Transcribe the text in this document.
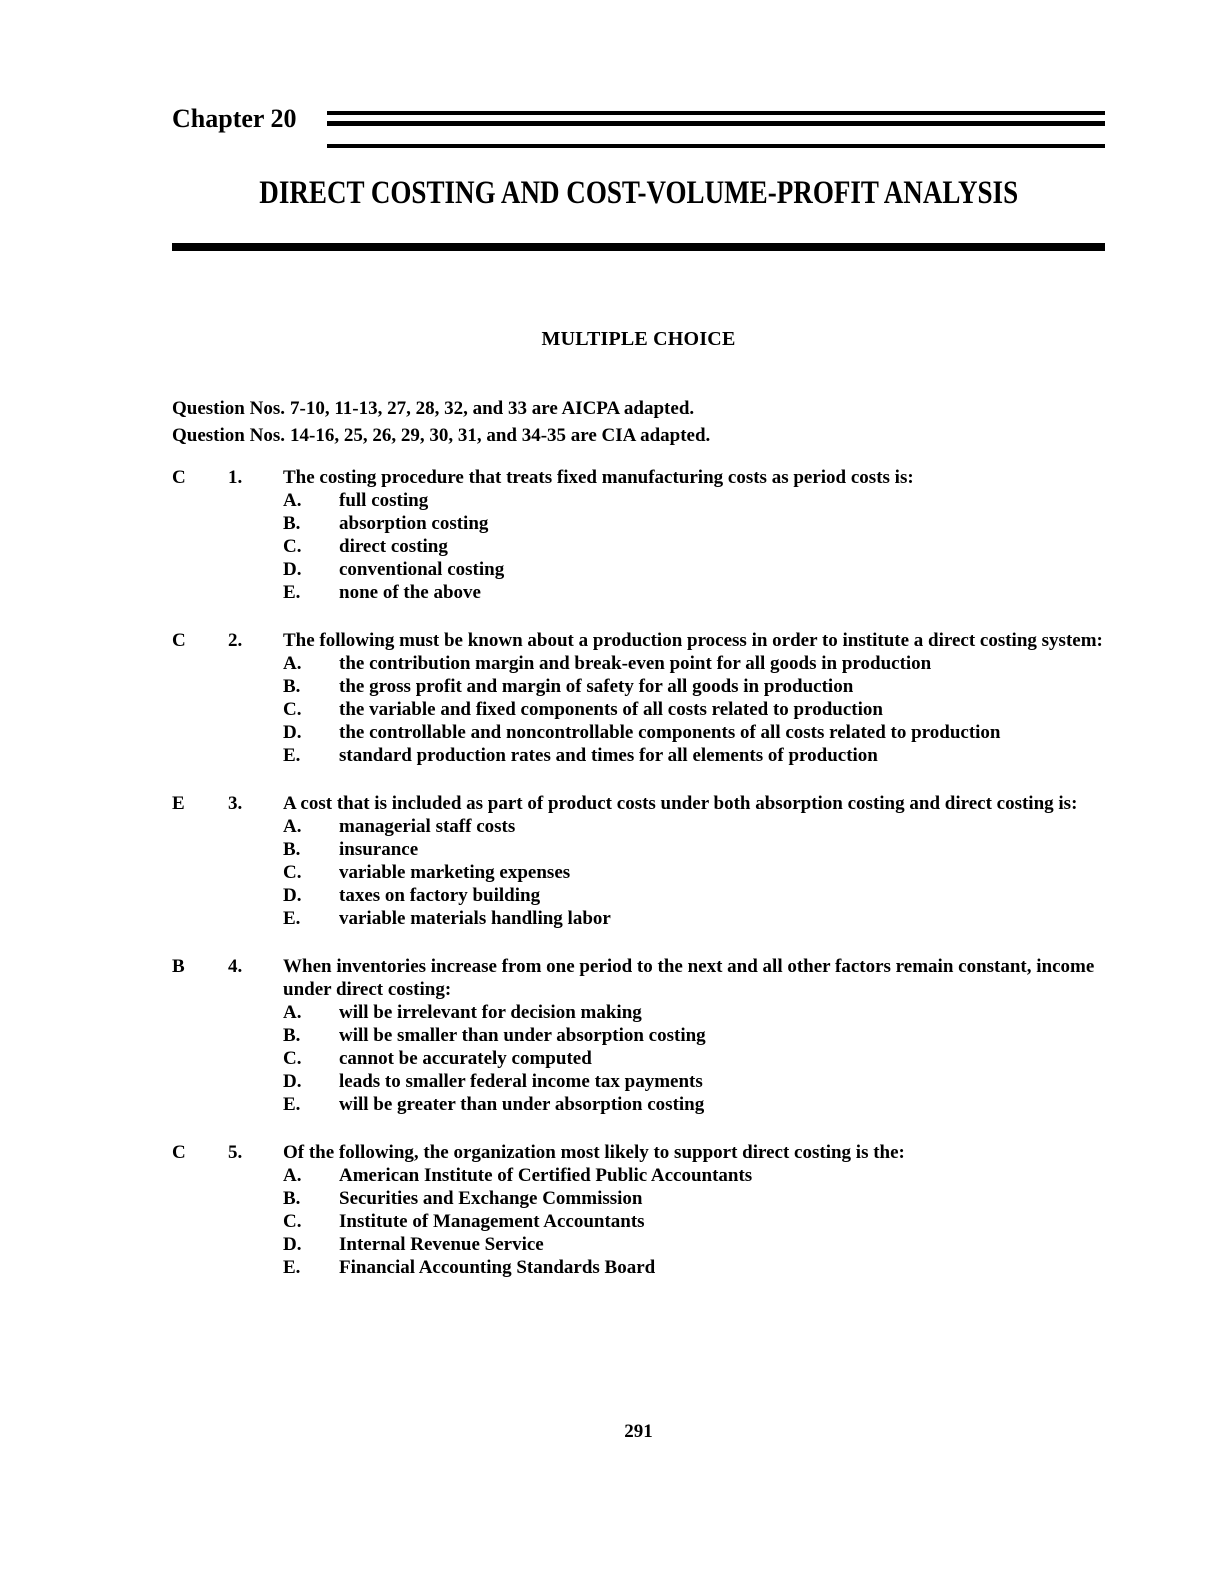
Chapter 20
DIRECT COSTING AND COST-VOLUME-PROFIT ANALYSIS
MULTIPLE CHOICE
Question Nos. 7-10, 11-13, 27, 28, 32, and 33 are AICPA adapted.
Question Nos. 14-16, 25, 26, 29, 30, 31, and 34-35 are CIA adapted.
C	1.	The costing procedure that treats fixed manufacturing costs as period costs is:
A.	full costing
B.	absorption costing
C.	direct costing
D.	conventional costing
E.	none of the above
C	2.	The following must be known about a production process in order to institute a direct costing system:
A.	the contribution margin and break-even point for all goods in production
B.	the gross profit and margin of safety for all goods in production
C.	the variable and fixed components of all costs related to production
D.	the controllable and noncontrollable components of all costs related to production
E.	standard production rates and times for all elements of production
E	3.	A cost that is included as part of product costs under both absorption costing and direct costing is:
A.	managerial staff costs
B.	insurance
C.	variable marketing expenses
D.	taxes on factory building
E.	variable materials handling labor
B	4.	When inventories increase from one period to the next and all other factors remain constant, income under direct costing:
A.	will be irrelevant for decision making
B.	will be smaller than under absorption costing
C.	cannot be accurately computed
D.	leads to smaller federal income tax payments
E.	will be greater than under absorption costing
C	5.	Of the following, the organization most likely to support direct costing is the:
A.	American Institute of Certified Public Accountants
B.	Securities and Exchange Commission
C.	Institute of Management Accountants
D.	Internal Revenue Service
E.	Financial Accounting Standards Board
291
